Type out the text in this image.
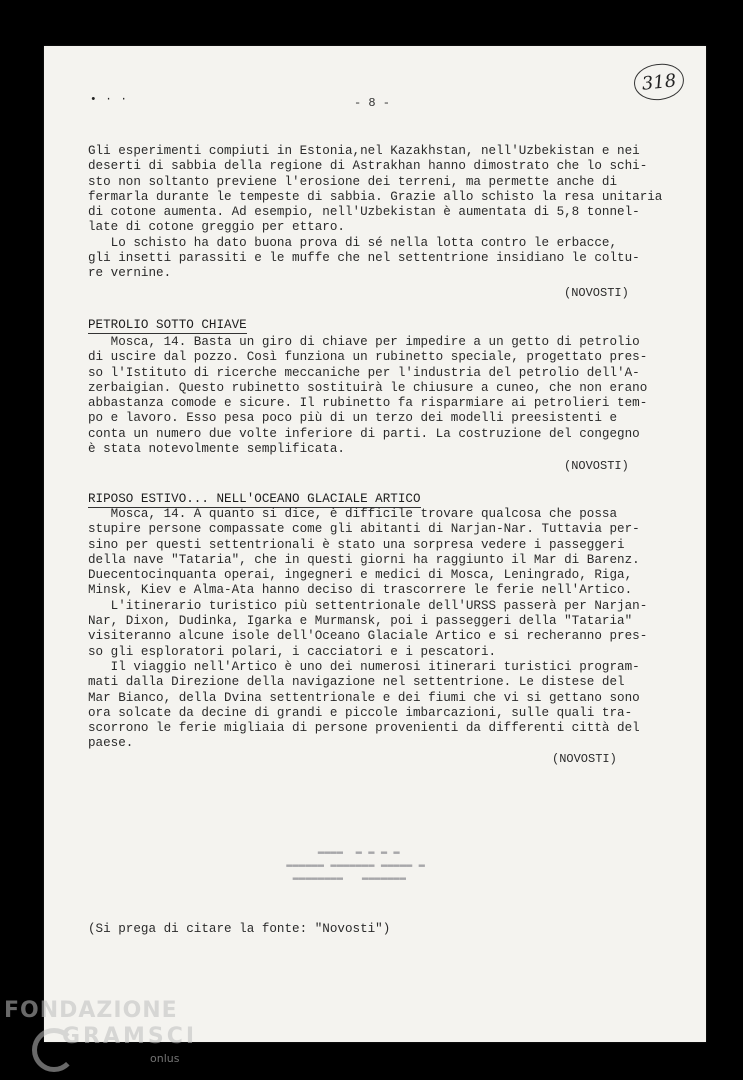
318
• · ·	- 8 -
Gli esperimenti compiuti in Estonia,nel Kazakhstan, nell'Uzbekistan e nei
deserti di sabbia della regione di Astrakhan hanno dimostrato che lo schi-
sto non soltanto previene l'erosione dei terreni, ma permette anche di
fermarla durante le tempeste di sabbia. Grazie allo schisto la resa unitaria
di cotone aumenta. Ad esempio, nell'Uzbekistan è aumentata di 5,8 tonnel-
late di cotone greggio per ettaro.
Lo schisto ha dato buona prova di sé nella lotta contro le erbacce,
gli insetti parassiti e le muffe che nel settentrione insidiano le coltu-
re vernine.
(NOVOSTI)
PETROLIO SOTTO CHIAVE
Mosca, 14. Basta un giro di chiave per impedire a un getto di petrolio
di uscire dal pozzo. Così funziona un rubinetto speciale, progettato pres-
so l'Istituto di ricerche meccaniche per l'industria del petrolio dell'A-
zerbaigian. Questo rubinetto sostituirà le chiusure a cuneo, che non erano
abbastanza comode e sicure. Il rubinetto fa risparmiare ai petrolieri tem-
po e lavoro. Esso pesa poco più di un terzo dei modelli preesistenti e
conta un numero due volte inferiore di parti. La costruzione del congegno
è stata notevolmente semplificata.
(NOVOSTI)
RIPOSO ESTIVO... NELL'OCEANO GLACIALE ARTICO
Mosca, 14. A quanto si dice, è difficile trovare qualcosa che possa
stupire persone compassate come gli abitanti di Narjan-Nar. Tuttavia per-
sino per questi settentrionali è stato una sorpresa vedere i passeggeri
della nave "Tataria", che in questi giorni ha raggiunto il Mar di Barenz.
Duecentocinquanta operai, ingegneri e medici di Mosca, Leningrado, Riga,
Minsk, Kiev e Alma-Ata hanno deciso di trascorrere le ferie nell'Artico.
L'itinerario turistico più settentrionale dell'URSS passerà per Narjan-
Nar, Dixon, Dudinka, Igarka e Murmansk, poi i passeggeri della "Tataria"
visiteranno alcune isole dell'Oceano Glaciale Artico e si recheranno pres-
so gli esploratori polari, i cacciatori e i pescatori.
Il viaggio nell'Artico è uno dei numerosi itinerari turistici program-
mati dalla Direzione della navigazione nel settentrione. Le distese del
Mar Bianco, della Dvina settentrionale e dei fiumi che vi si gettano sono
ora solcate da decine di grandi e piccole imbarcazioni, sulle quali tra-
scorrono le ferie migliaia di persone provenienti da differenti città del
paese.
(NOVOSTI)
▬▬▬▬▬▬▬▬   ▬▬▬▬▬▬▬
▬▬▬▬▬▬ ▬▬▬▬▬▬▬ ▬▬▬▬▬ ▬
▬▬▬▬  ▬ ▬ ▬ ▬
(Si prega di citare la fonte: "Novosti")
FONDAZIONE
GRAMSCI
onlus
